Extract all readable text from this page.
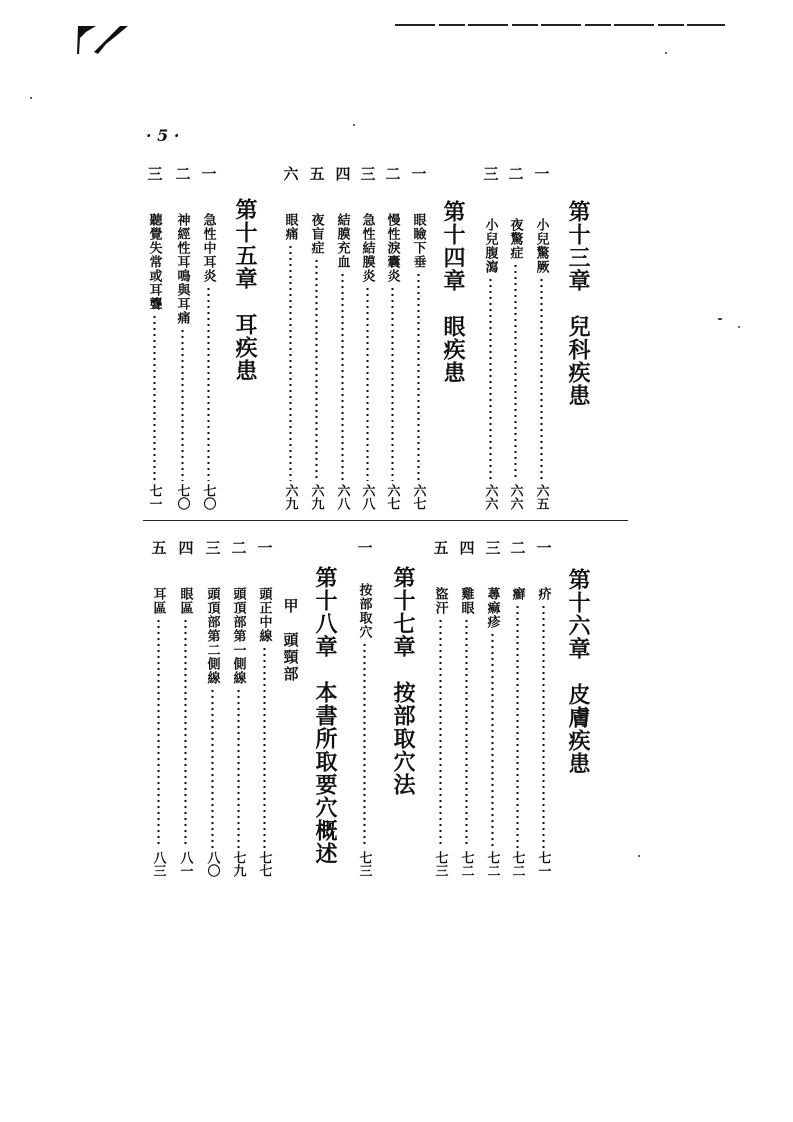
· 5 ·
第十三章　兒科疾患
一
二
三
小兒驚厥
六五
夜驚症
六六
小兒腹瀉
六六
第十四章　眼疾患
一
二
三
四
五
六
眼瞼下垂
六七
慢性淚囊炎
六七
急性結膜炎
六八
結膜充血
六八
夜盲症
六九
眼痛
六九
第十五章　耳疾患
一
二
三
急性中耳炎
七〇
神經性耳鳴與耳痛
七〇
聽覺失常或耳聾
七一
第十六章　皮膚疾患
一
二
三
四
五
疥
七一
癬
七二
蕁痲疹
七二
雞眼
七二
盜汗
七三
第十七章　按部取穴法
一
按部取穴
七三
第十八章　本書所取要穴概述
甲　頭頸部
一
二
三
四
五
頭正中線
七七
頭頂部第一側線
七九
頭頂部第二側線
八〇
眼區
八一
耳區
八三
